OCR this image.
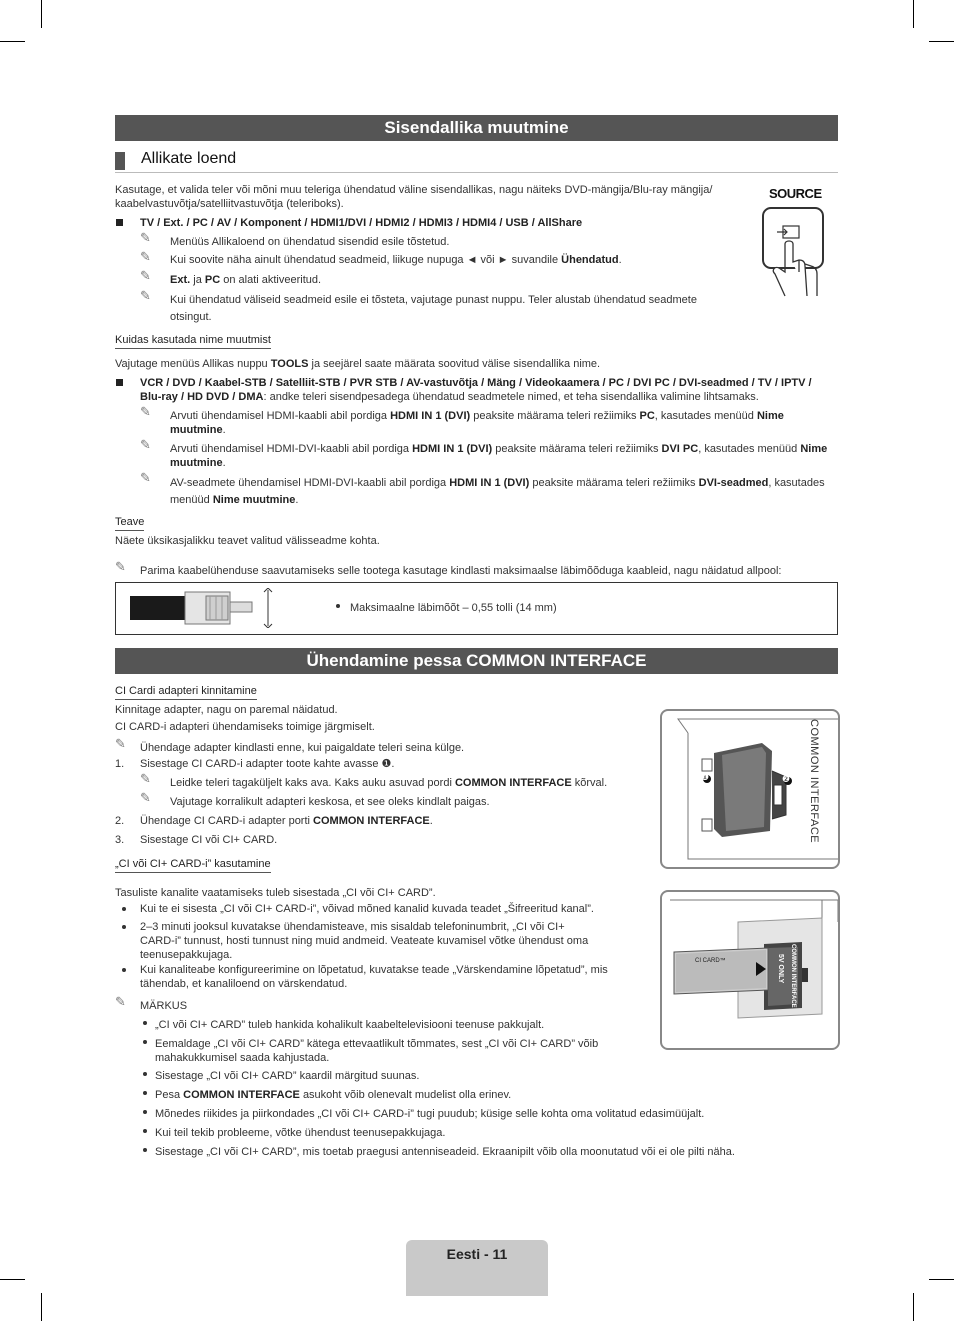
Sisendallika muutmine
Allikate loend
Kasutage, et valida teler või mõni muu teleriga ühendatud väline sisendallikas, nagu näiteks DVD-mängija/Blu-ray mängija/
kaabelvastuvõtja/satelliitvastuvõtja (teleriboks).
TV / Ext. / PC / AV / Komponent / HDMI1/DVI / HDMI2 / HDMI3 / HDMI4 / USB / AllShare
✎ Menüüs Allikaloend on ühendatud sisendid esile tõstetud.
✎ Kui soovite näha ainult ühendatud seadmeid, liikuge nupuga ◄ või ► suvandile Ühendatud.
✎ Ext. ja PC on alati aktiveeritud.
✎ Kui ühendatud väliseid seadmeid esile ei tõsteta, vajutage punast nuppu. Teler alustab ühendatud seadmete
otsingut.
SOURCE
Kuidas kasutada nime muutmist
Vajutage menüüs Allikas nuppu TOOLS ja seejärel saate määrata soovitud välise sisendallika nime.
VCR / DVD / Kaabel-STB / Satelliit-STB / PVR STB / AV-vastuvõtja / Mäng / Videokaamera / PC / DVI PC / DVI-seadmed / TV / IPTV /
Blu-ray / HD DVD / DMA: andke teleri sisendpesadega ühendatud seadmetele nimed, et teha sisendallika valimine lihtsamaks.
✎ Arvuti ühendamisel HDMI-kaabli abil pordiga HDMI IN 1 (DVI) peaksite määrama teleri režiimiks PC, kasutades menüüd Nime
muutmine.
✎ Arvuti ühendamisel HDMI-DVI-kaabli abil pordiga HDMI IN 1 (DVI) peaksite määrama teleri režiimiks DVI PC, kasutades menüüd Nime
muutmine.
✎ AV-seadmete ühendamisel HDMI-DVI-kaabli abil pordiga HDMI IN 1 (DVI) peaksite määrama teleri režiimiks DVI-seadmed, kasutades
menüüd Nime muutmine.
Teave
Näete üksikasjalikku teavet valitud välisseadme kohta.
✎ Parima kaabelühenduse saavutamiseks selle tootega kasutage kindlasti maksimaalse läbimõõduga kaableid, nagu näidatud allpool:
Maksimaalne läbimõõt – 0,55 tolli (14 mm)
Ühendamine pessa COMMON INTERFACE
CI Cardi adapteri kinnitamine
Kinnitage adapter, nagu on paremal näidatud.
CI CARD-i adapteri ühendamiseks toimige järgmiselt.
✎ Ühendage adapter kindlasti enne, kui paigaldate teleri seina külge.
1. Sisestage CI CARD-i adapter toote kahte avasse ❶.
✎ Leidke teleri tagaküljelt kaks ava. Kaks auku asuvad pordi COMMON INTERFACE kõrval.
✎ Vajutage korralikult adapteri keskosa, et see oleks kindlalt paigas.
2. Ühendage CI CARD-i adapter porti COMMON INTERFACE.
3. Sisestage CI või CI+ CARD.
❶	❷ COMMON INTERFACE
„CI või CI+ CARD-i” kasutamine
Tasuliste kanalite vaatamiseks tuleb sisestada „CI või CI+ CARD”.
Kui te ei sisesta „CI või CI+ CARD-i”, võivad mõned kanalid kuvada teadet „Šifreeritud kanal”.
2–3 minuti jooksul kuvatakse ühendamisteave, mis sisaldab telefoninumbrit, „CI või CI+
CARD-i” tunnust, hosti tunnust ning muid andmeid. Veateate kuvamisel võtke ühendust oma
teenusepakkujaga.
Kui kanaliteabe konfigureerimine on lõpetatud, kuvatakse teade „Värskendamine lõpetatud”, mis
tähendab, et kanaliloend on värskendatud.
✎ MÄRKUS
„CI või CI+ CARD” tuleb hankida kohalikult kaabeltelevisiooni teenuse pakkujalt.
Eemaldage „CI või CI+ CARD” kätega ettevaatlikult tõmmates, sest „CI või CI+ CARD” võib
mahakukkumisel saada kahjustada.
Sisestage „CI või CI+ CARD” kaardil märgitud suunas.
Pesa COMMON INTERFACE asukoht võib olenevalt mudelist olla erinev.
Mõnedes riikides ja piirkondades „CI või CI+ CARD-i” tugi puudub; küsige selle kohta oma volitatud edasimüüjalt.
Kui teil tekib probleeme, võtke ühendust teenusepakkujaga.
Sisestage „CI või CI+ CARD”, mis toetab praegusi antenniseadeid. Ekraanipilt võib olla moonutatud või ei ole pilti näha.
CI CARD™	COMMON INTERFACE
5V ONLY
Eesti - 11
